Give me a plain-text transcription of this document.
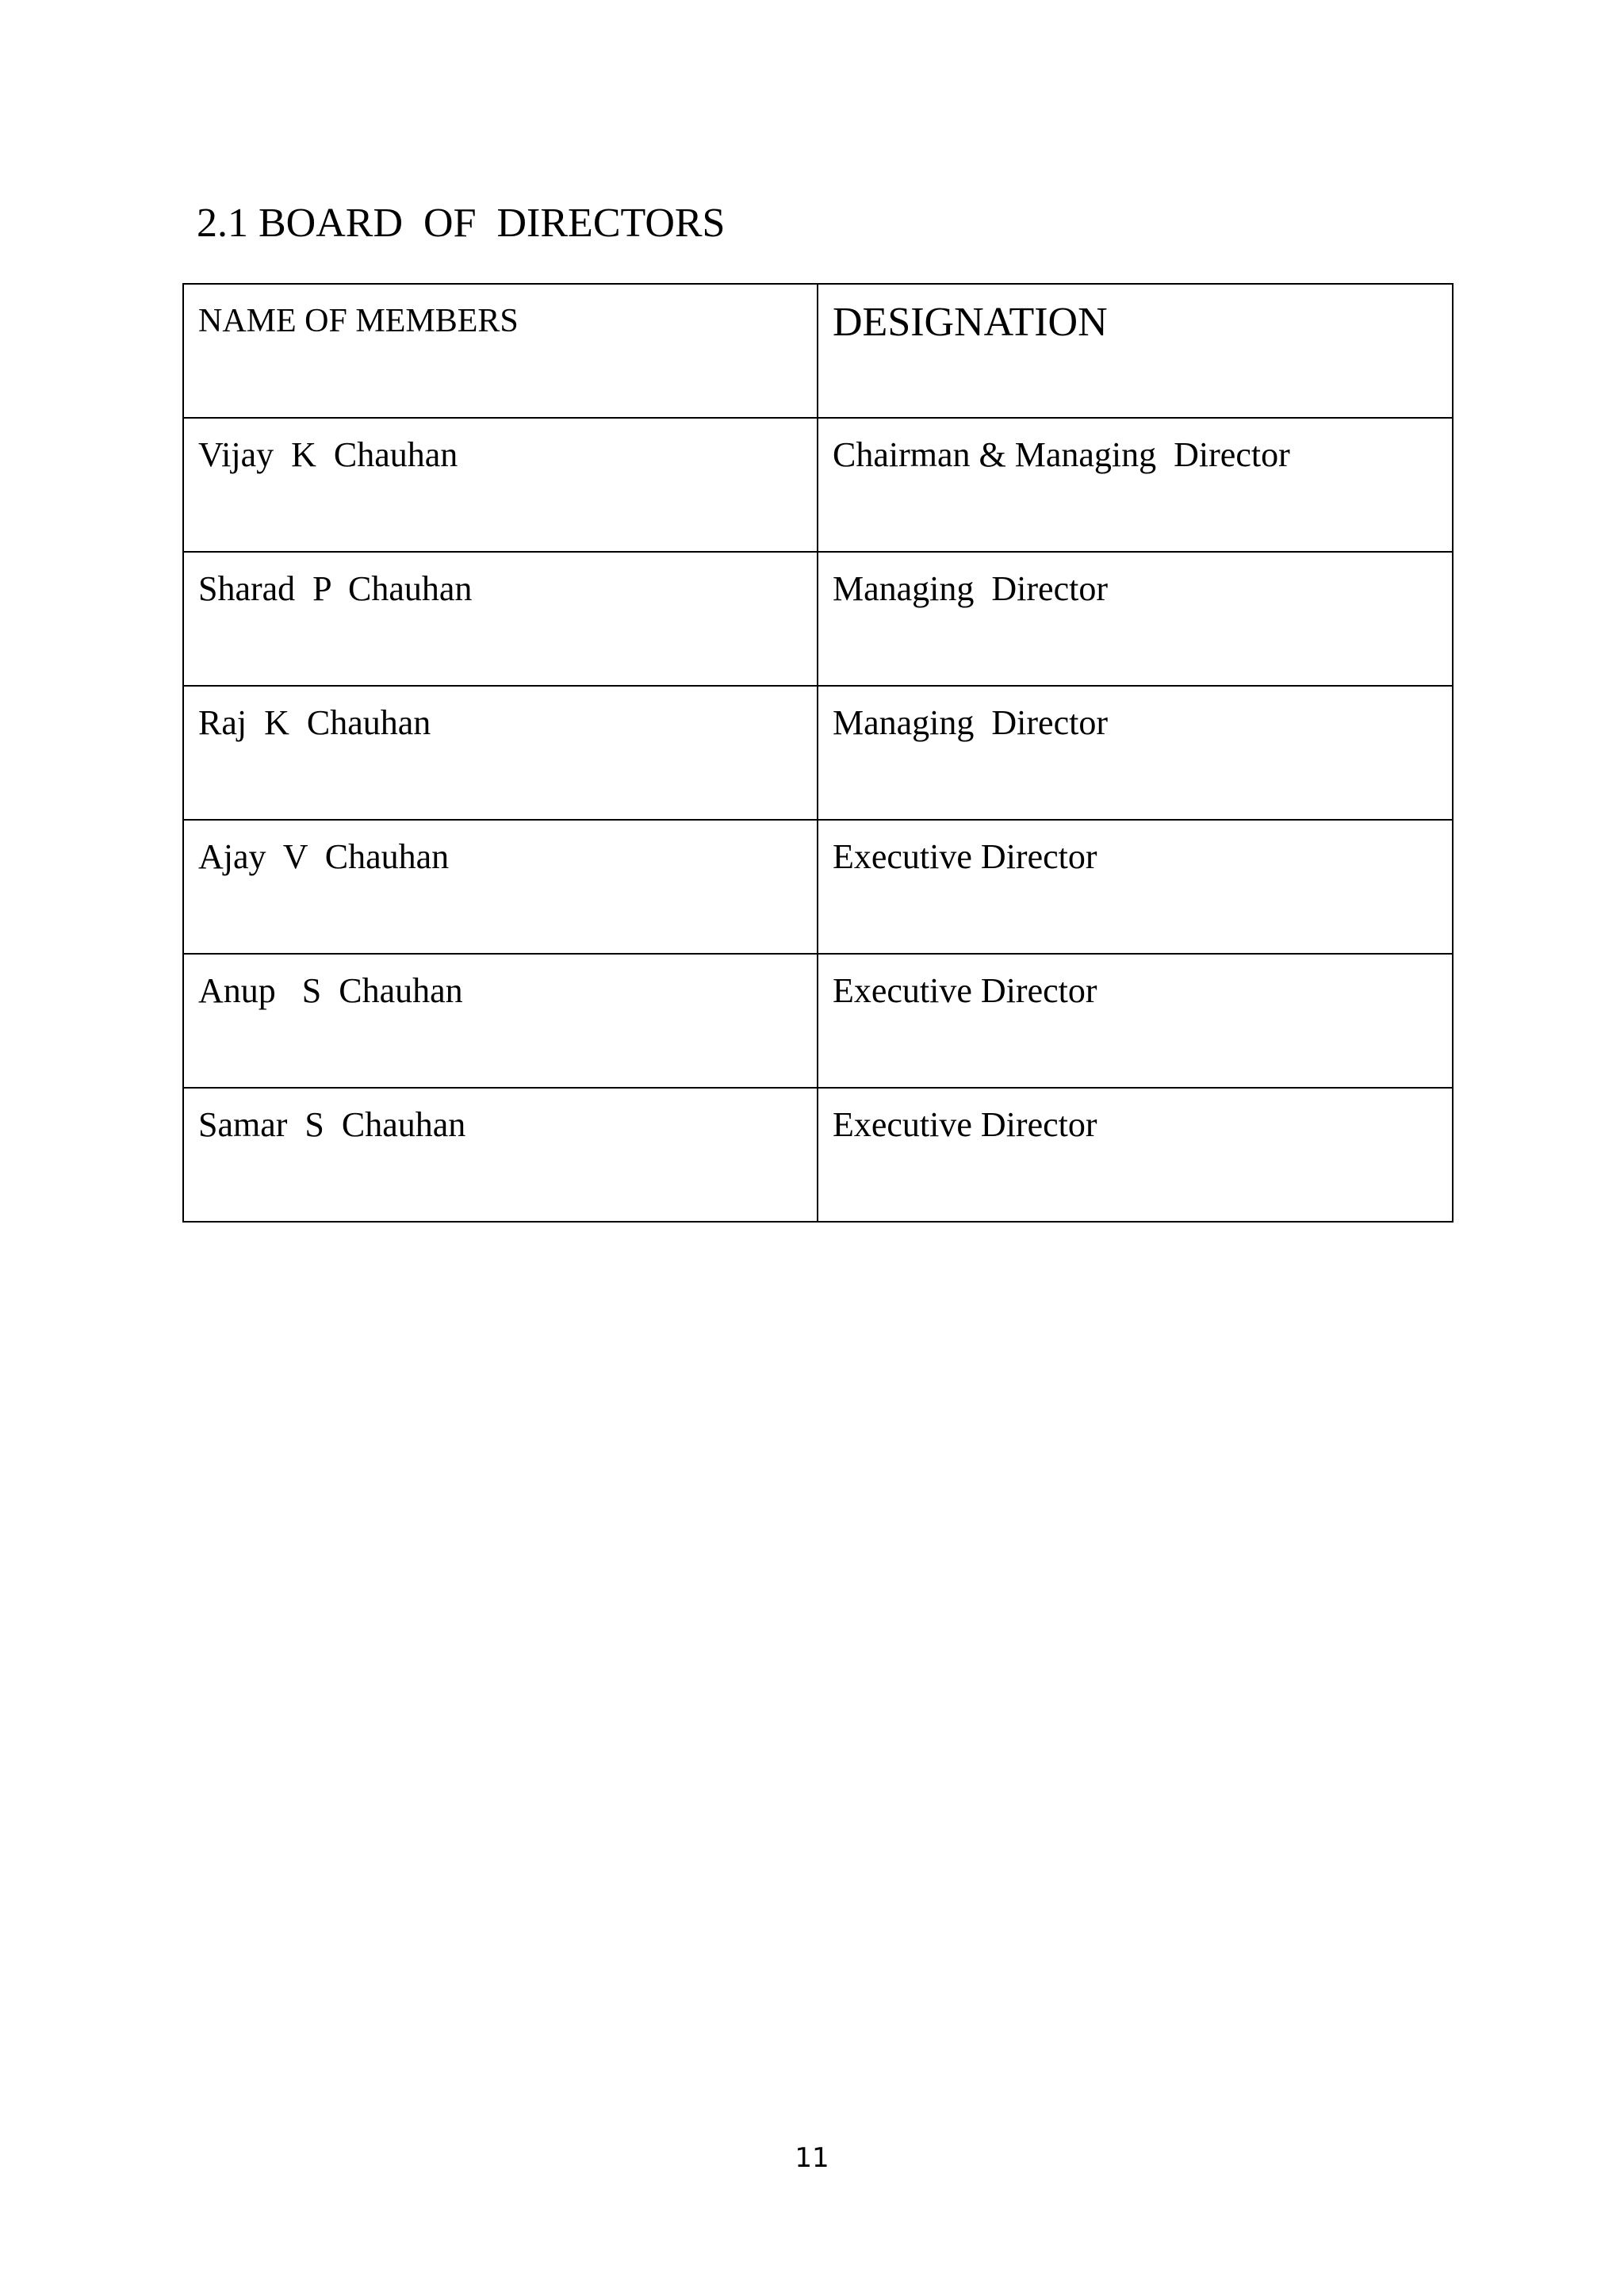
2.1 BOARD  OF  DIRECTORS
NAME OF MEMBERS	DESIGNATION
Vijay  K  Chauhan	Chairman & Managing  Director
Sharad  P  Chauhan	Managing  Director
Raj  K  Chauhan	Managing  Director
Ajay  V  Chauhan	Executive Director
Anup   S  Chauhan	Executive Director
Samar  S  Chauhan	Executive Director
11
